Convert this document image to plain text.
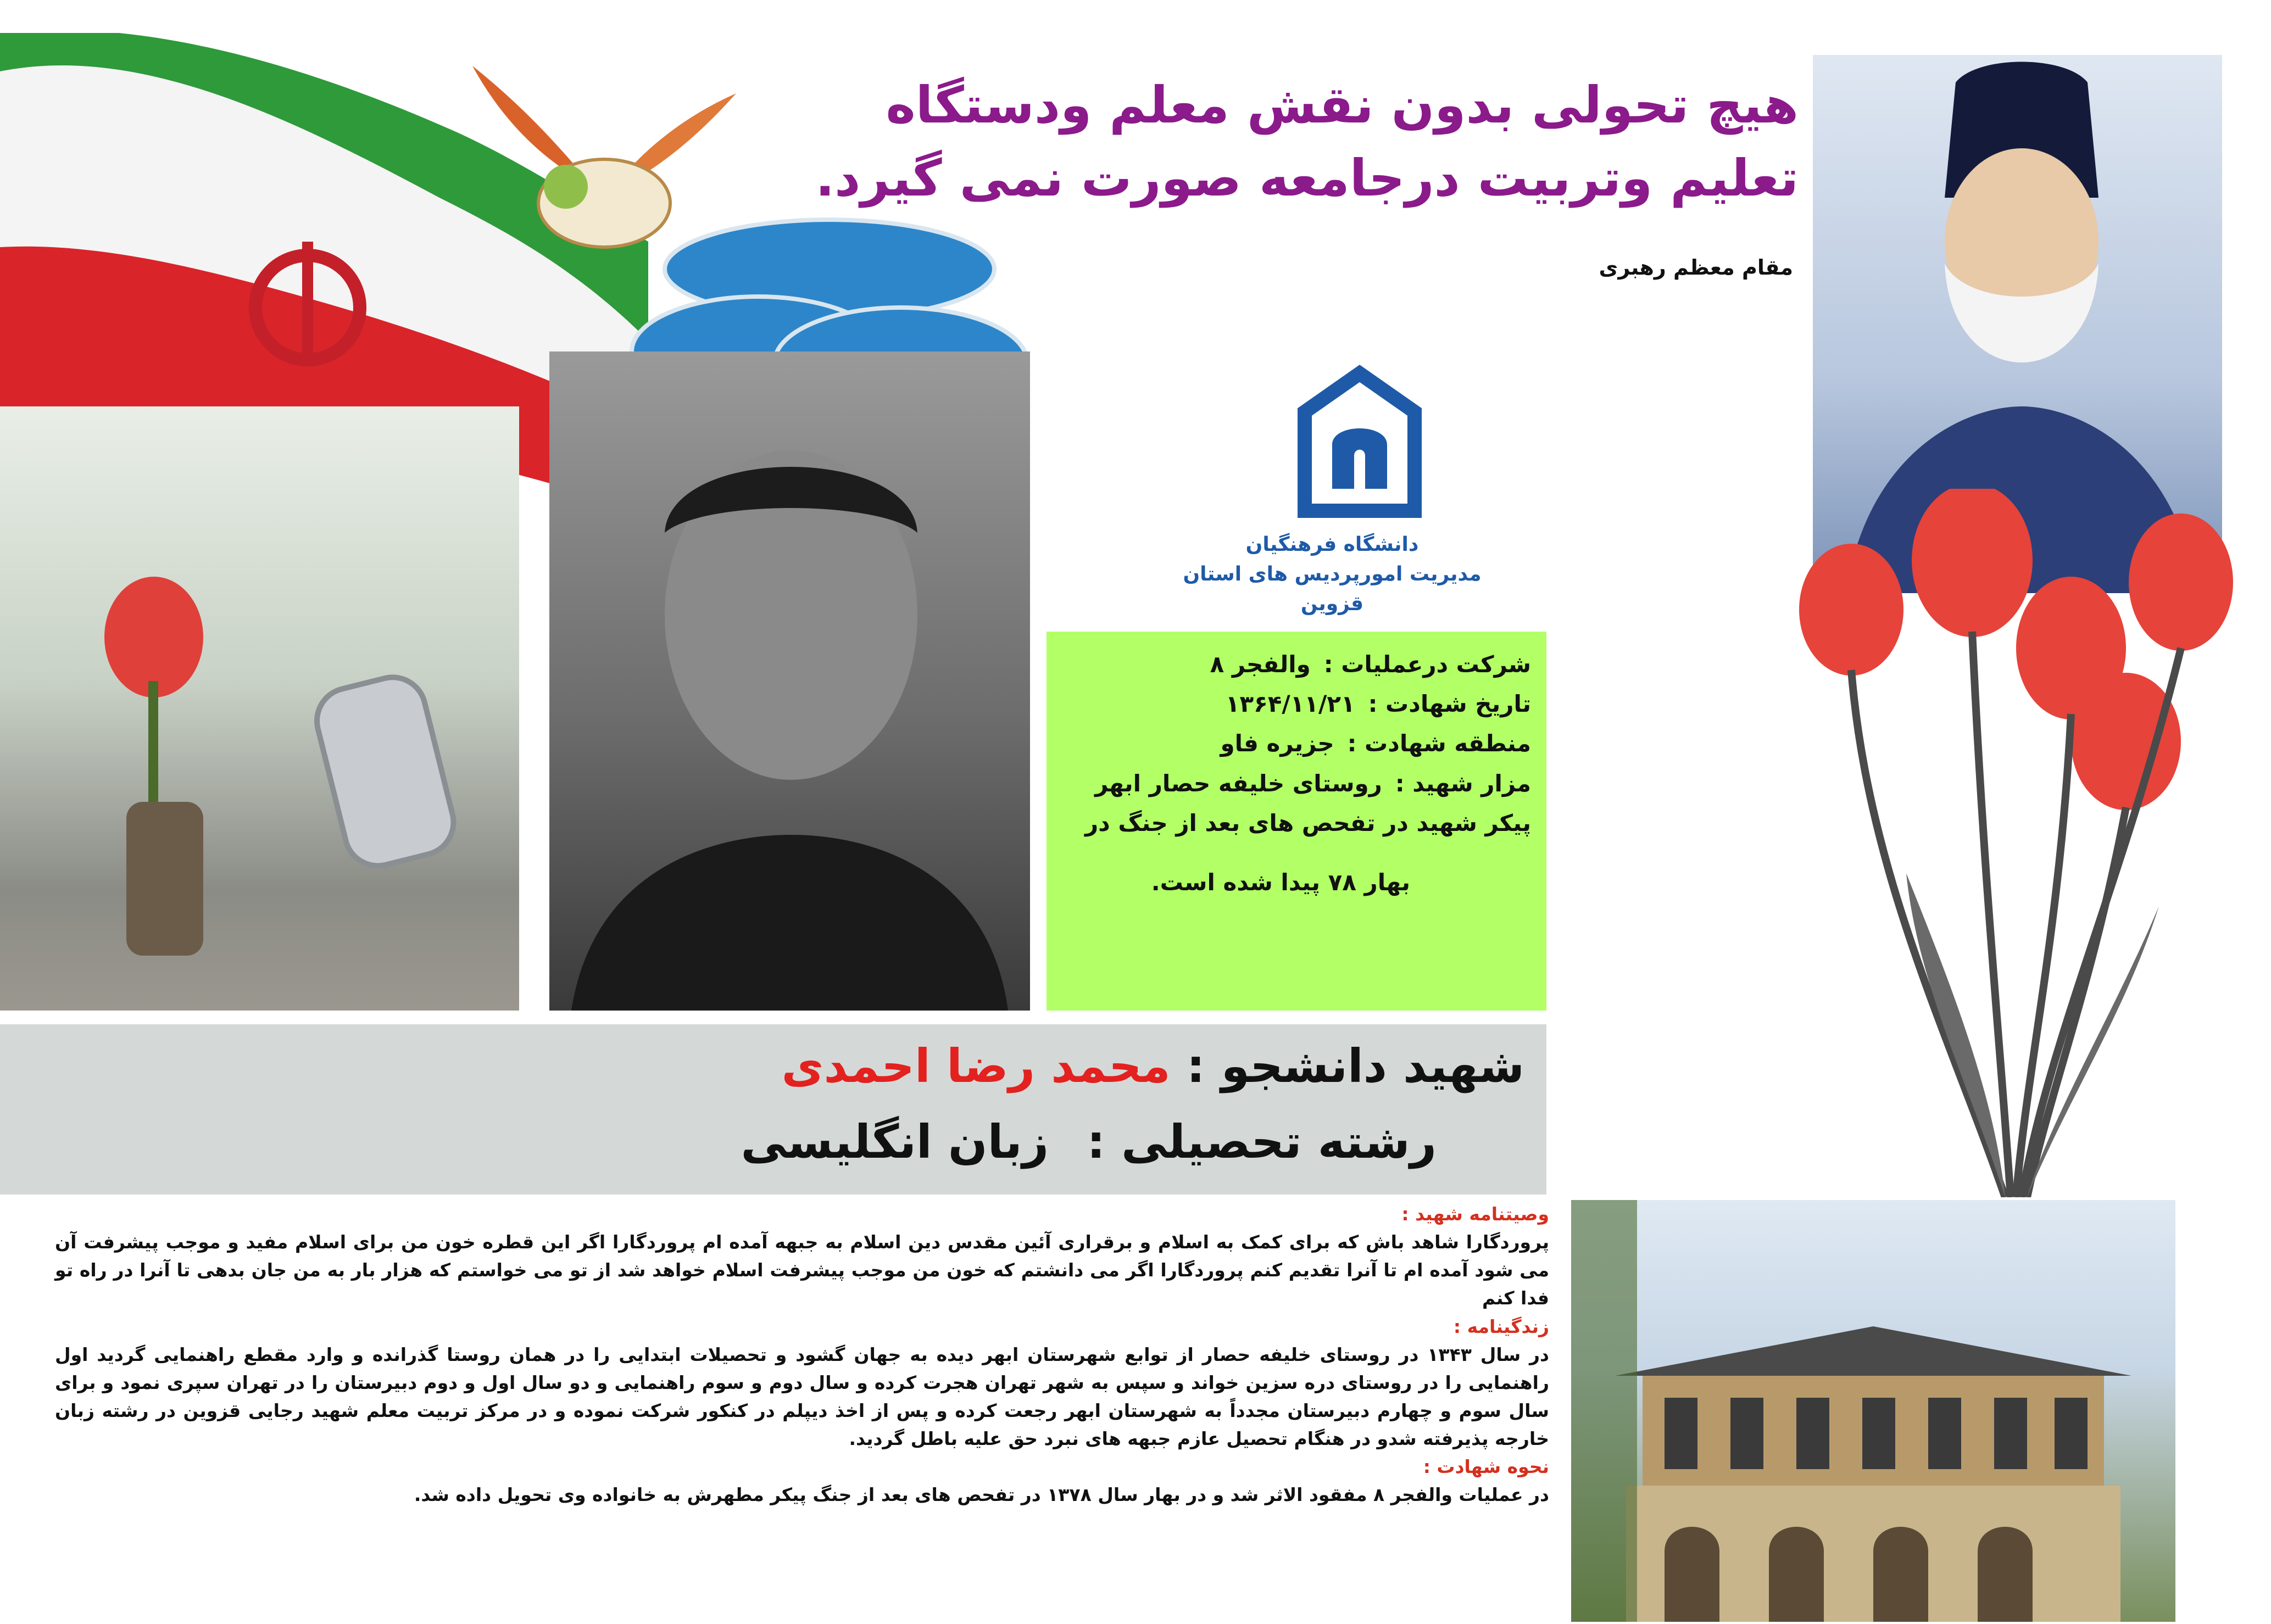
هیچ تحولی بدون نقش معلم ودستگاه
تعلیم وتربیت درجامعه صورت نمی گیرد.
مقام معظم رهبری
دانشگاه فرهنگیان
مدیریت امورپردیس های استان قزوین
شرکت درعملیات :والفجر ۸
تاریخ شهادت :۱۳۶۴/۱۱/۲۱
منطقه شهادت :جزیره فاو
مزار شهید :روستای خلیفه حصار ابهر
پیکر شهید در تفحص های بعد از جنگ در
بهار ۷۸ پیدا شده است.
شهید دانشجو : محمد رضا احمدی
رشته تحصیلی : زبان انگلیسی
وصیتنامه شهید :

پروردگارا شاهد باش که برای کمک به اسلام و برقراری آئین مقدس دین اسلام به جبهه آمده ام پروردگارا اگر این قطره خون من برای اسلام مفید و موجب پیشرفت آن می شود آمده ام تا آنرا تقدیم کنم پروردگارا اگر می دانشتم که خون من موجب پیشرفت اسلام خواهد شد از تو می خواستم که هزار بار به من جان بدهی تا آنرا در راه تو فدا کنم

زندگینامه :

در سال ۱۳۴۳ در روستای خلیفه حصار از توابع شهرستان ابهر دیده به جهان گشود و تحصیلات ابتدایی را در همان روستا گذرانده و وارد مقطع راهنمایی گردید اول راهنمایی را در روستای دره سزین خواند و سپس به شهر تهران هجرت کرده و سال دوم و سوم راهنمایی و دو سال اول و دوم دبیرستان را در تهران سپری نمود و برای سال سوم و چهارم دبیرستان مجدداً به شهرستان ابهر رجعت کرده و پس از اخذ دیپلم در کنکور شرکت نموده و در مرکز تربیت معلم شهید رجایی قزوین در رشته زبان خارجه پذیرفته شدو در هنگام تحصیل عازم جبهه های نبرد حق علیه باطل گردید.

نحوه شهادت :

در عملیات والفجر ۸ مفقود الاثر شد و در بهار سال ۱۳۷۸ در تفحص های بعد از جنگ پیکر مطهرش به خانواده وی تحویل داده شد.
